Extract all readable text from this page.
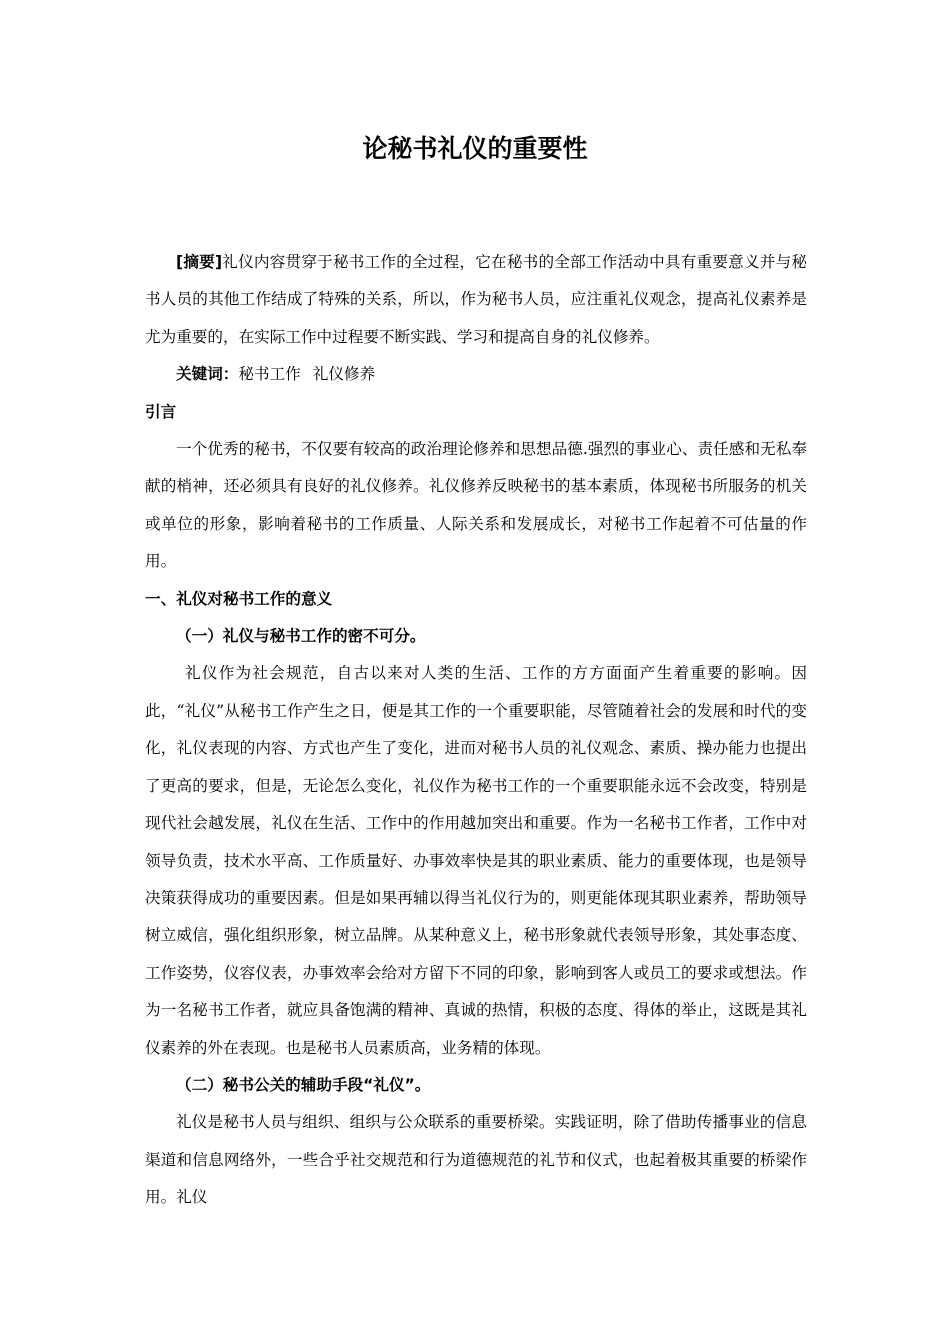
论秘书礼仪的重要性

[摘要]礼仪内容贯穿于秘书工作的全过程，它在秘书的全部工作活动中具有重要意义并与秘书人员的其他工作结成了特殊的关系，所以，作为秘书人员，应注重礼仪观念，提高礼仪素养是尤为重要的，在实际工作中过程要不断实践、学习和提高自身的礼仪修养。

关键词：秘书工作 礼仪修养

引言

一个优秀的秘书，不仅要有较高的政治理论修养和思想品德.强烈的事业心、责任感和无私奉献的梢神，还必须具有良好的礼仪修养。礼仪修养反映秘书的基本素质，体现秘书所服务的机关或单位的形象，影响着秘书的工作质量、人际关系和发展成长，对秘书工作起着不可估量的作用。

一、礼仪对秘书工作的意义

（一）礼仪与秘书工作的密不可分。

礼仪作为社会规范，自古以来对人类的生活、工作的方方面面产生着重要的影响。因此，“礼仪”从秘书工作产生之日，便是其工作的一个重要职能，尽管随着社会的发展和时代的变化，礼仪表现的内容、方式也产生了变化，进而对秘书人员的礼仪观念、素质、操办能力也提出了更高的要求，但是，无论怎么变化，礼仪作为秘书工作的一个重要职能永远不会改变，特别是现代社会越发展，礼仪在生活、工作中的作用越加突出和重要。作为一名秘书工作者，工作中对领导负责，技术水平高、工作质量好、办事效率快是其的职业素质、能力的重要体现，也是领导决策获得成功的重要因素。但是如果再辅以得当礼仪行为的，则更能体现其职业素养，帮助领导树立威信，强化组织形象，树立品牌。从某种意义上，秘书形象就代表领导形象，其处事态度、工作姿势，仪容仪表，办事效率会给对方留下不同的印象，影响到客人或员工的要求或想法。作为一名秘书工作者，就应具备饱满的精神、真诚的热情，积极的态度、得体的举止，这既是其礼仪素养的外在表现。也是秘书人员素质高，业务精的体现。

（二）秘书公关的辅助手段“礼仪”。

礼仪是秘书人员与组织、组织与公众联系的重要桥梁。实践证明，除了借助传播事业的信息渠道和信息网络外，一些合乎社交规范和行为道德规范的礼节和仪式，也起着极其重要的桥梁作用。礼仪
